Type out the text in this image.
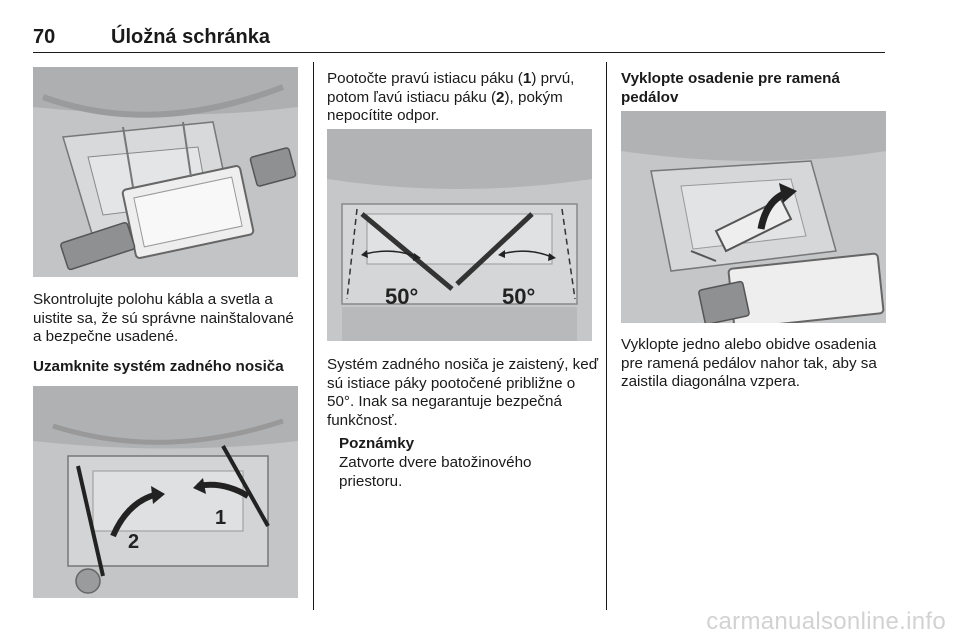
70	Úložná schránka

Skontrolujte polohu kábla a svetla a uistite sa, že sú správne nainštalované a bezpečne usadené.

Uzamknite systém zadného nosiča

2
1

Pootočte pravú istiacu páku (1) prvú, potom ľavú istiacu páku (2), pokým nepocítite odpor.

50°	50°

Systém zadného nosiča je zaistený, keď sú istiace páky pootočené približne o 50°. Inak sa negarantuje bezpečná funkčnosť.

Poznámky

Zatvorte dvere batožinového priestoru.

Vyklopte osadenie pre ramená pedálov

Vyklopte jedno alebo obidve osadenia pre ramená pedálov nahor tak, aby sa zaistila diagonálna vzpera.

carmanualsonline.info
